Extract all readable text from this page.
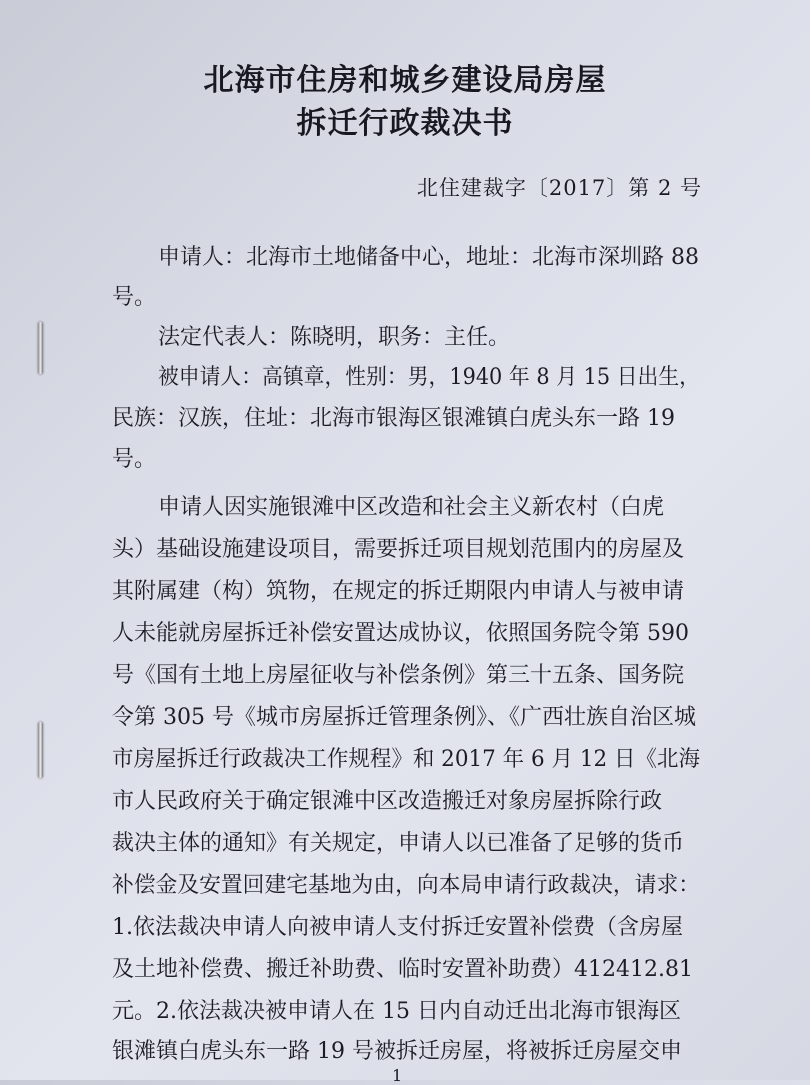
北海市住房和城乡建设局房屋
拆迁行政裁决书
北住建裁字〔2017〕第 2 号
申请人：北海市土地储备中心，地址：北海市深圳路 88
号。
法定代表人：陈晓明，职务：主任。
被申请人：高镇章，性别：男，1940 年 8 月 15 日出生，
民族：汉族，住址：北海市银海区银滩镇白虎头东一路 19
号。
申请人因实施银滩中区改造和社会主义新农村（白虎
头）基础设施建设项目，需要拆迁项目规划范围内的房屋及
其附属建（构）筑物，在规定的拆迁期限内申请人与被申请
人未能就房屋拆迁补偿安置达成协议，依照国务院令第 590
号《国有土地上房屋征收与补偿条例》第三十五条、国务院
令第 305 号《城市房屋拆迁管理条例》、《广西壮族自治区城
市房屋拆迁行政裁决工作规程》和 2017 年 6 月 12 日《北海
市人民政府关于确定银滩中区改造搬迁对象房屋拆除行政
裁决主体的通知》有关规定，申请人以已准备了足够的货币
补偿金及安置回建宅基地为由，向本局申请行政裁决，请求：
1.依法裁决申请人向被申请人支付拆迁安置补偿费（含房屋
及土地补偿费、搬迁补助费、临时安置补助费）412412.81
元。2.依法裁决被申请人在 15 日内自动迁出北海市银海区
银滩镇白虎头东一路 19 号被拆迁房屋，将被拆迁房屋交申
1
